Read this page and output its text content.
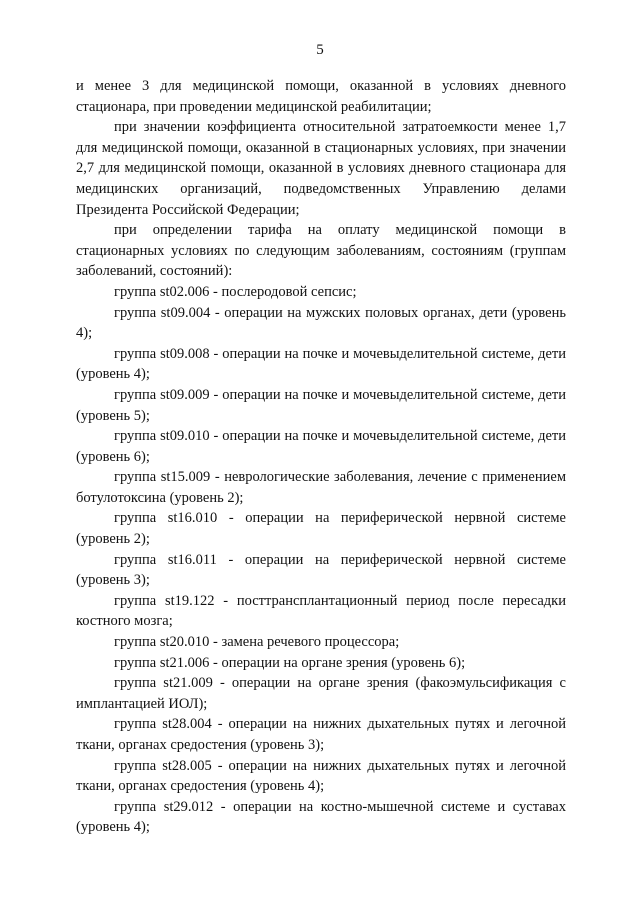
5

и менее 3 для медицинской помощи, оказанной в условиях дневного стационара, при проведении медицинской реабилитации;

при значении коэффициента относительной затратоемкости менее 1,7 для медицинской помощи, оказанной в стационарных условиях, при значении 2,7 для медицинской помощи, оказанной в условиях дневного стационара для медицинских организаций, подведомственных Управлению делами Президента Российской Федерации;

при определении тарифа на оплату медицинской помощи в стационарных условиях по следующим заболеваниям, состояниям (группам заболеваний, состояний):

группа st02.006 - послеродовой сепсис;

группа st09.004 - операции на мужских половых органах, дети (уровень 4);

группа st09.008 - операции на почке и мочевыделительной системе, дети (уровень 4);

группа st09.009 - операции на почке и мочевыделительной системе, дети (уровень 5);

группа st09.010 - операции на почке и мочевыделительной системе, дети (уровень 6);

группа st15.009 - неврологические заболевания, лечение с применением ботулотоксина (уровень 2);

группа st16.010 - операции на периферической нервной системе (уровень 2);

группа st16.011 - операции на периферической нервной системе (уровень 3);

группа st19.122 - посттрансплантационный период после пересадки костного мозга;

группа st20.010 - замена речевого процессора;

группа st21.006 - операции на органе зрения (уровень 6);

группа st21.009 - операции на органе зрения (факоэмульсификация с имплантацией ИОЛ);

группа st28.004 - операции на нижних дыхательных путях и легочной ткани, органах средостения (уровень 3);

группа st28.005 - операции на нижних дыхательных путях и легочной ткани, органах средостения (уровень 4);

группа st29.012 - операции на костно-мышечной системе и суставах (уровень 4);
